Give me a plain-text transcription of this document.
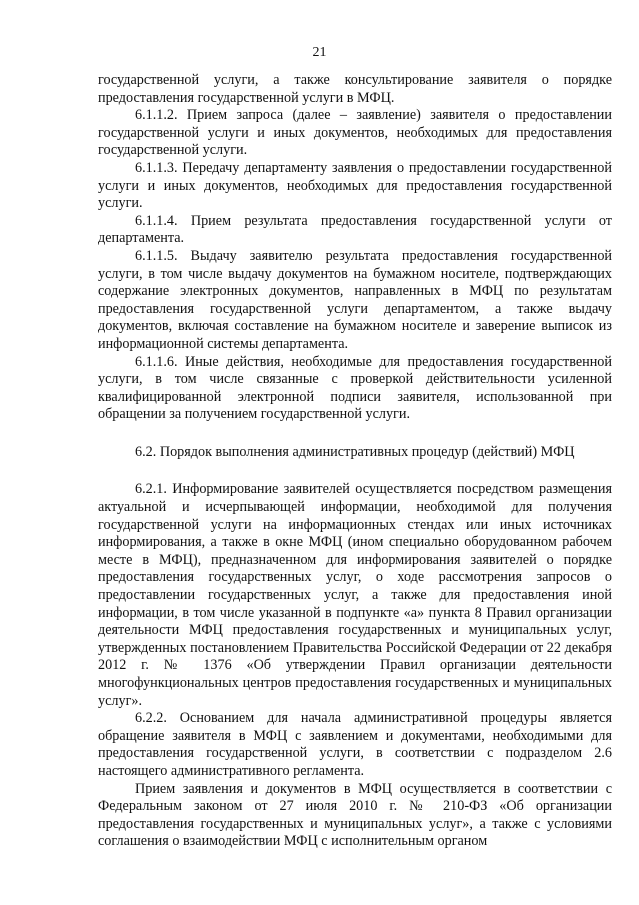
21

государственной услуги, а также консультирование заявителя о порядке предоставления государственной услуги в МФЦ.

6.1.1.2. Прием запроса (далее – заявление) заявителя о предоставлении государственной услуги и иных документов, необходимых для предоставления государственной услуги.

6.1.1.3. Передачу департаменту заявления о предоставлении государственной услуги и иных документов, необходимых для предоставления государственной услуги.

6.1.1.4. Прием результата предоставления государственной услуги от департамента.

6.1.1.5. Выдачу заявителю результата предоставления государственной услуги, в том числе выдачу документов на бумажном носителе, подтверждающих содержание электронных документов, направленных в МФЦ по результатам предоставления государственной услуги департаментом, а также выдачу документов, включая составление на бумажном носителе и заверение выписок из информационной системы департамента.

6.1.1.6. Иные действия, необходимые для предоставления государственной услуги, в том числе связанные с проверкой действительности усиленной квалифицированной электронной подписи заявителя, использованной при обращении за получением государственной услуги.

6.2. Порядок выполнения административных процедур (действий) МФЦ

6.2.1. Информирование заявителей осуществляется посредством размещения актуальной и исчерпывающей информации, необходимой для получения государственной услуги на информационных стендах или иных источниках информирования, а также в окне МФЦ (ином специально оборудованном рабочем месте в МФЦ), предназначенном для информирования заявителей о порядке предоставления государственных услуг, о ходе рассмотрения запросов о предоставлении государственных услуг, а также для предоставления иной информации, в том числе указанной в подпункте «а» пункта 8 Правил организации деятельности МФЦ предоставления государственных и муниципальных услуг, утвержденных постановлением Правительства Российской Федерации от 22 декабря 2012 г. № 1376 «Об утверждении Правил организации деятельности многофункциональных центров предоставления государственных и муниципальных услуг».

6.2.2. Основанием для начала административной процедуры является обращение заявителя в МФЦ с заявлением и документами, необходимыми для предоставления государственной услуги, в соответствии с подразделом 2.6 настоящего административного регламента.

Прием заявления и документов в МФЦ осуществляется в соответствии с Федеральным законом от 27 июля 2010 г. № 210-ФЗ «Об организации предоставления государственных и муниципальных услуг», а также с условиями соглашения о взаимодействии МФЦ с исполнительным органом
